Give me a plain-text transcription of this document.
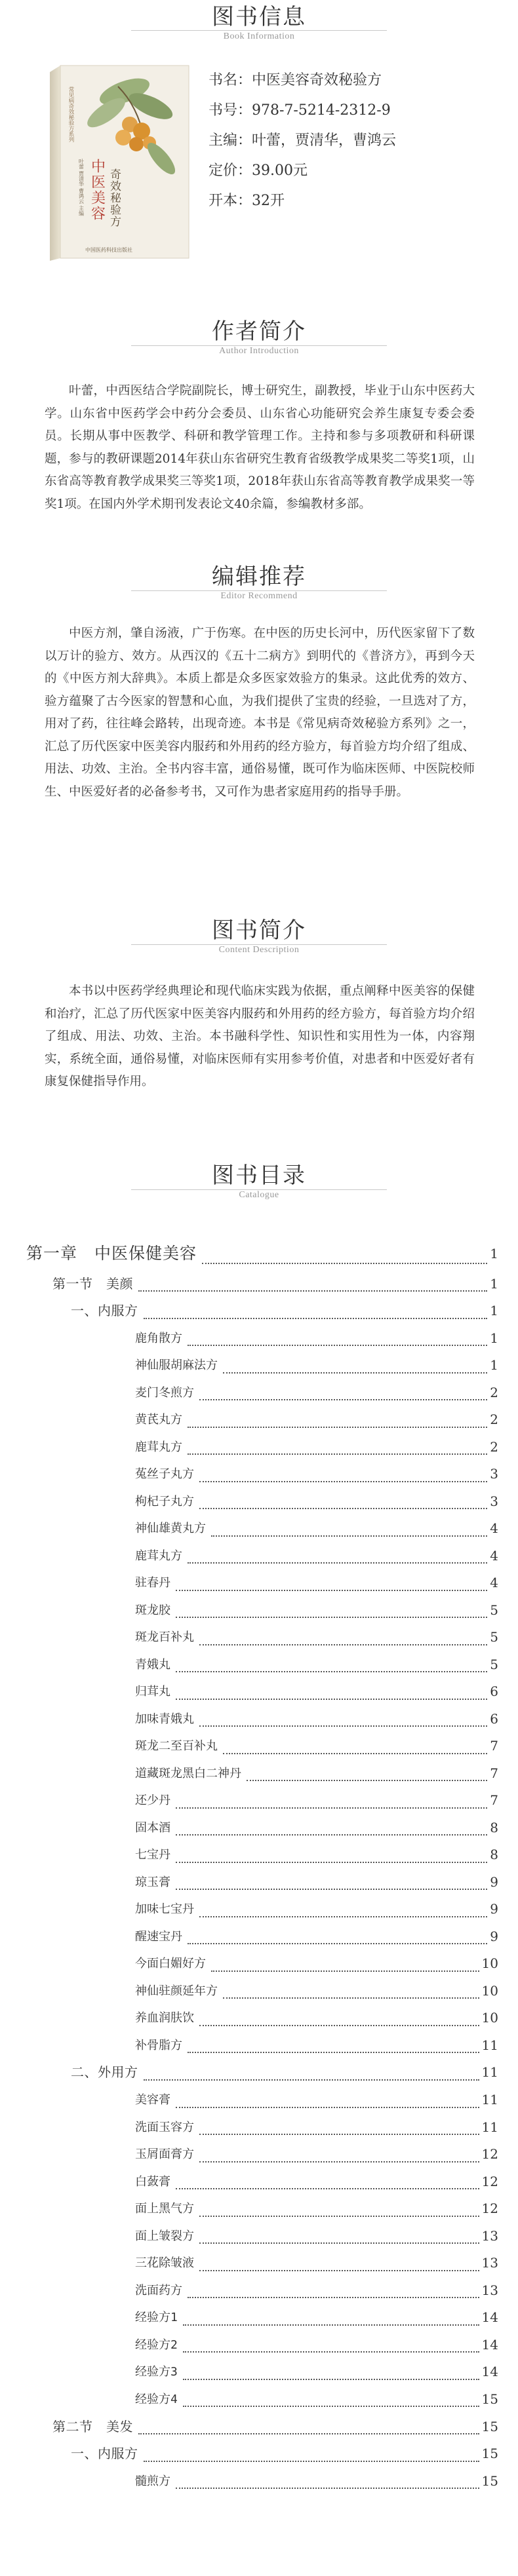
图书信息
Book Information
常见病奇效秘验方系列
中医美容 奇效秘验方
叶蕾 贾清华 曹鸿云 主编
中国医药科技出版社
书名：中医美容奇效秘验方
书号：978-7-5214-2312-9
主编：叶蕾，贾清华，曹鸿云
定价：39.00元
开本：32开
作者简介
Author Introduction
叶蕾，中西医结合学院副院长，博士研究生，副教授，毕业于山东中医药大学。山东省中医药学会中药分会委员、山东省心功能研究会养生康复专委会委员。长期从事中医教学、科研和教学管理工作。主持和参与多项教研和科研课题，参与的教研课题2014年获山东省研究生教育省级教学成果奖二等奖1项，山东省高等教育教学成果奖三等奖1项，2018年获山东省高等教育教学成果奖一等奖1项。在国内外学术期刊发表论文40余篇，参编教材多部。
编辑推荐
Editor Recommend
中医方剂，肇自汤液，广于伤寒。在中医的历史长河中，历代医家留下了数以万计的验方、效方。从西汉的《五十二病方》到明代的《普济方》，再到今天的《中医方剂大辞典》。本质上都是众多医家效验方的集录。这此优秀的效方、验方蕴聚了古今医家的智慧和心血，为我们提供了宝贵的经验，一旦选对了方，用对了药，往往峰会路转，出现奇迹。本书是《常见病奇效秘验方系列》之一，汇总了历代医家中医美容内服药和外用药的经方验方，每首验方均介绍了组成、用法、功效、主治。全书内容丰富，通俗易懂，既可作为临床医师、中医院校师生、中医爱好者的必备参考书，又可作为患者家庭用药的指导手册。
图书简介
Content Description
本书以中医药学经典理论和现代临床实践为依据，重点阐释中医美容的保健和治疗，汇总了历代医家中医美容内服药和外用药的经方验方，每首验方均介绍了组成、用法、功效、主治。本书融科学性、知识性和实用性为一体，内容翔实，系统全面，通俗易懂，对临床医师有实用参考价值，对患者和中医爱好者有康复保健指导作用。
图书目录
Catalogue
第一章　中医保健美容	1
第一节　美颜	1
一、内服方	1
鹿角散方	1
神仙服胡麻法方	1
麦门冬煎方	2
黄芪丸方	2
鹿茸丸方	2
菟丝子丸方	3
枸杞子丸方	3
神仙雄黄丸方	4
鹿茸丸方	4
驻春丹	4
斑龙胶	5
斑龙百补丸	5
青娥丸	5
归茸丸	6
加味青娥丸	6
斑龙二至百补丸	7
道藏斑龙黑白二神丹	7
还少丹	7
固本酒	8
七宝丹	8
琼玉膏	9
加味七宝丹	9
醒速宝丹	9
今面白媚好方	10
神仙驻颜延年方	10
养血润肤饮	10
补骨脂方	11
二、外用方	11
美容膏	11
洗面玉容方	11
玉屑面膏方	12
白蔹膏	12
面上黑气方	12
面上皱裂方	13
三花除皱液	13
洗面药方	13
经验方1	14
经验方2	14
经验方3	14
经验方4	15
第二节　美发	15
一、内服方	15
髓煎方	15
